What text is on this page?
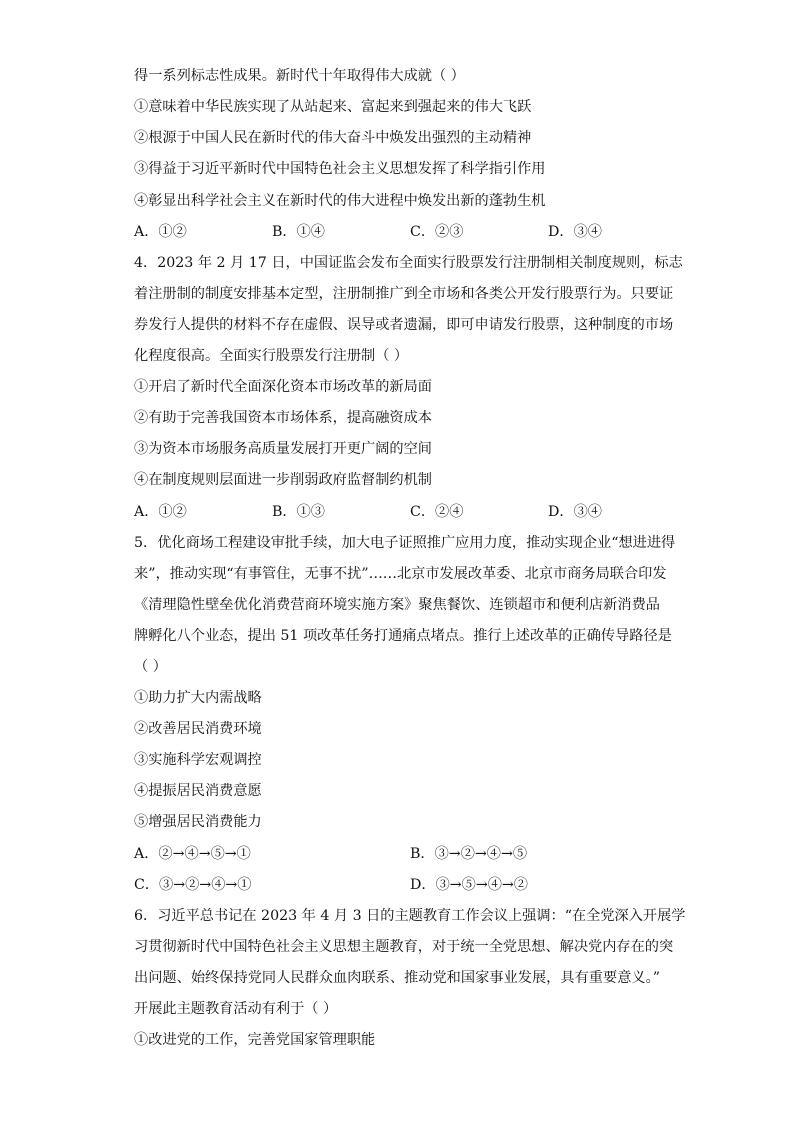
得一系列标志性成果。新时代十年取得伟大成就（ ）
①意味着中华民族实现了从站起来、富起来到强起来的伟大飞跃
②根源于中国人民在新时代的伟大奋斗中焕发出强烈的主动精神
③得益于习近平新时代中国特色社会主义思想发挥了科学指引作用
④彰显出科学社会主义在新时代的伟大进程中焕发出新的蓬勃生机
A．①②	B．①④	C．②③	D．③④
4．2023 年 2 月 17 日，中国证监会发布全面实行股票发行注册制相关制度规则，标志
着注册制的制度安排基本定型，注册制推广到全市场和各类公开发行股票行为。只要证
券发行人提供的材料不存在虚假、误导或者遗漏，即可申请发行股票，这种制度的市场
化程度很高。全面实行股票发行注册制（ ）
①开启了新时代全面深化资本市场改革的新局面
②有助于完善我国资本市场体系，提高融资成本
③为资本市场服务高质量发展打开更广阔的空间
④在制度规则层面进一步削弱政府监督制约机制
A．①②	B．①③	C．②④	D．③④
5．优化商场工程建设审批手续，加大电子证照推广应用力度，推动实现企业“想进进得
来”，推动实现“有事管住，无事不扰”……北京市发展改革委、北京市商务局联合印发
《清理隐性壁垒优化消费营商环境实施方案》聚焦餐饮、连锁超市和便利店新消费品
牌孵化八个业态，提出 51 项改革任务打通痛点堵点。推行上述改革的正确传导路径是
（ ）
①助力扩大内需战略
②改善居民消费环境
③实施科学宏观调控
④提振居民消费意愿
⑤增强居民消费能力
A．②→④→⑤→①	B．③→②→④→⑤
C．③→②→④→①	D．③→⑤→④→②
6．习近平总书记在 2023 年 4 月 3 日的主题教育工作会议上强调：“在全党深入开展学
习贯彻新时代中国特色社会主义思想主题教育，对于统一全党思想、解决党内存在的突
出问题、始终保持党同人民群众血肉联系、推动党和国家事业发展，具有重要意义。”
开展此主题教育活动有利于（ ）
①改进党的工作，完善党国家管理职能
